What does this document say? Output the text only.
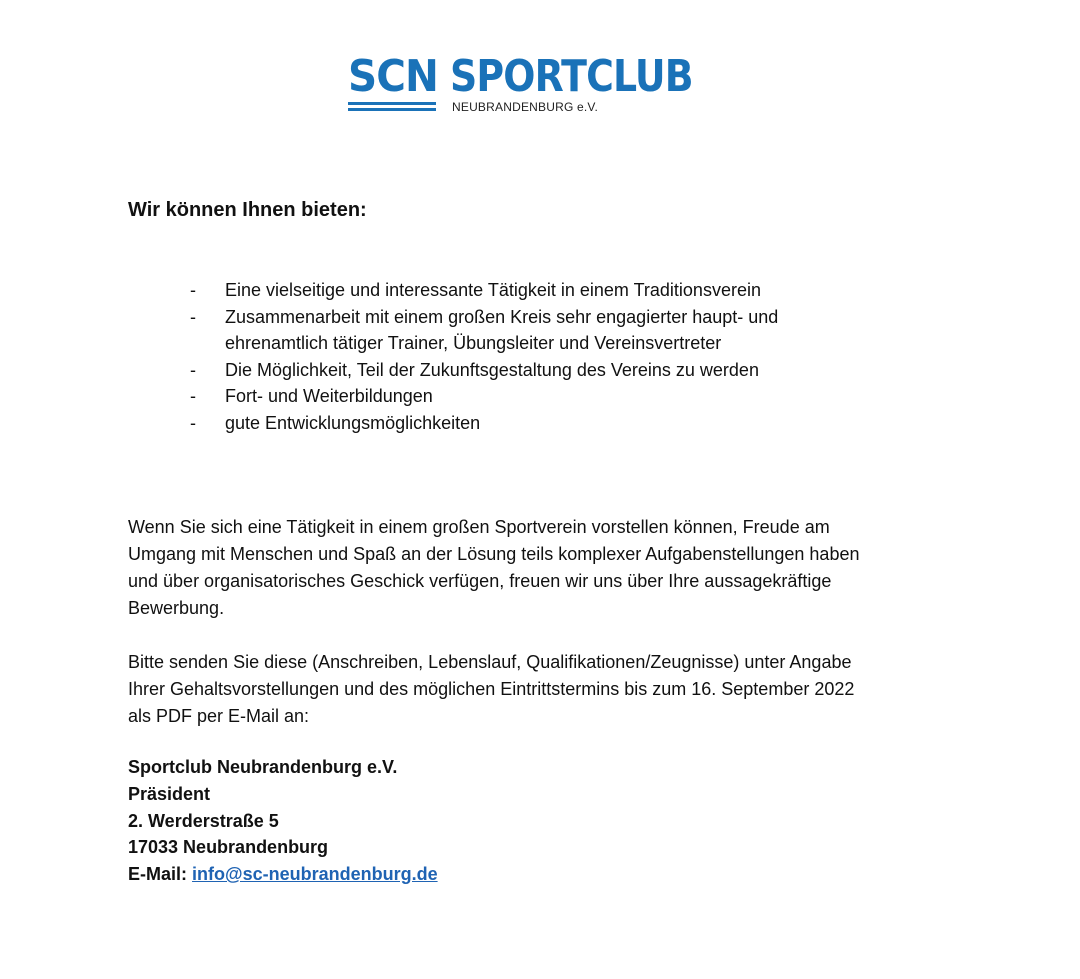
SCN SPORTCLUB
NEUBRANDENBURG e.V.
Wir können Ihnen bieten:
-	Eine vielseitige und interessante Tätigkeit in einem Traditionsverein
-	Zusammenarbeit mit einem großen Kreis sehr engagierter haupt- und
ehrenamtlich tätiger Trainer, Übungsleiter und Vereinsvertreter
-	Die Möglichkeit, Teil der Zukunftsgestaltung des Vereins zu werden
-	Fort- und Weiterbildungen
-	gute Entwicklungsmöglichkeiten

Wenn Sie sich eine Tätigkeit in einem großen Sportverein vorstellen können, Freude am
Umgang mit Menschen und Spaß an der Lösung teils komplexer Aufgabenstellungen haben
und über organisatorisches Geschick verfügen, freuen wir uns über Ihre aussagekräftige
Bewerbung.

Bitte senden Sie diese (Anschreiben, Lebenslauf, Qualifikationen/Zeugnisse) unter Angabe
Ihrer Gehaltsvorstellungen und des möglichen Eintrittstermins bis zum 16. September 2022
als PDF per E-Mail an:

Sportclub Neubrandenburg e.V.
Präsident
2. Werderstraße 5
17033 Neubrandenburg
E-Mail: info@sc-neubrandenburg.de
